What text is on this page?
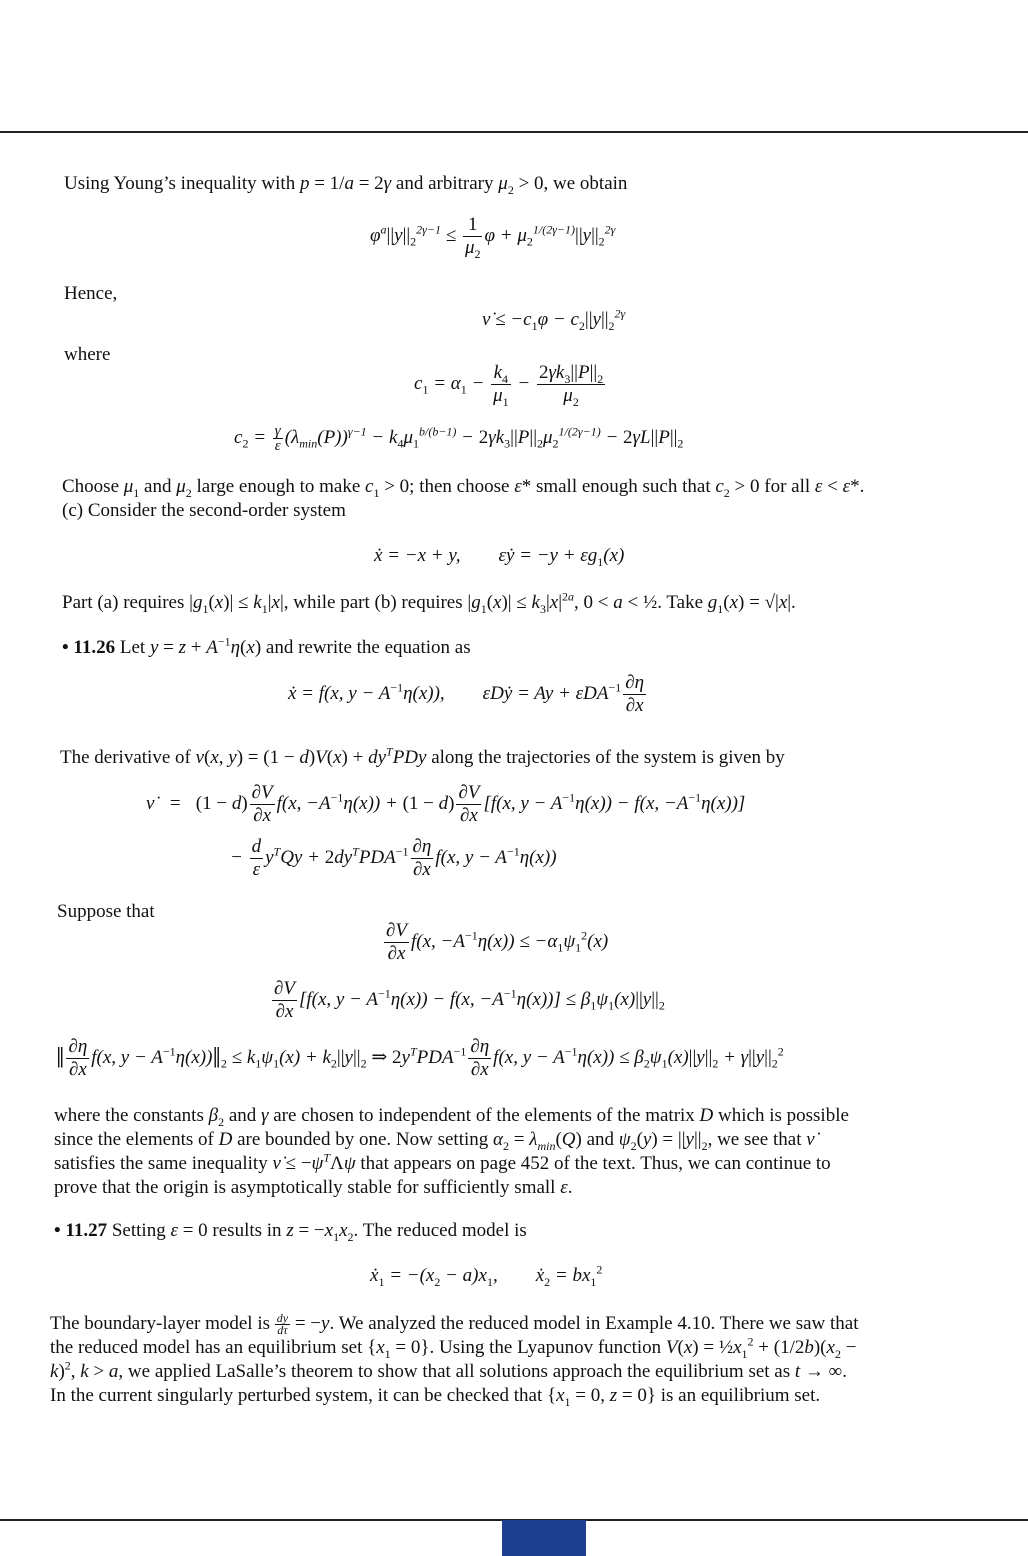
Using Young’s inequality with p = 1/a = 2γ and arbitrary $\mu_2 > 0$, we obtain
$\varphi^a||y||_2^{2\gamma-1} \le \frac{1}{\mu_2}$ $\varphi + \mu_2^{1/(2\gamma-1)}||y||_2^{2\gamma}$
Hence,
ν̇ ≤ $-c_1\varphi - c_2||y||_2^{2\gamma}$
where
$c_1 = \alpha_1 - \frac{k_4}{\mu_1} - \frac{2\gamma k_3||P||_2}{\mu_2}$
$c_2 = \frac{\gamma}{\varepsilon} (\lambda_{min}(P))^{\gamma-1} - k_4\mu_1^{b/(b-1)} - 2\gamma k_3||P||_2\mu_2^{1/(2\gamma-1)} - 2\gamma L||P||_2$
Choose $\mu_1$ and $\mu_2$ large enough to make $c_1 > 0$; then choose ε* small enough such that $c_2 > 0$ for all ε < ε*.
(c) Consider the second-order system
ẋ = −x + y,        εẏ = $-y + \varepsilon g_1(x)$
Part (a) requires $|g_1(x)| \le k_1|x|$, while part (b) requires $|g_1(x)| \le k_3|x|^{2a}$, 0 < a < ½. Take $g_1(x) = √|x|$.
• 11.26 Let $y = z + A^{-1}\eta(x)$ and rewrite the equation as
ẋ = f(x, $y - A^{-1}\eta(x)$),        εDẏ = $Ay + \varepsilon DA^{-1} \frac{\partial\eta}{\partial x}$
The derivative of ν(x, $y) = (1 - d)V(x) + dy^TPDy$ along the trajectories of the system is given by
ν̇   =   $(1 - d) \frac{\partial V}{\partial x} f(x$, $-A^{-1}\eta(x)) + (1 - d) \frac{\partial V}{\partial x} [f(x$, $y - A^{-1}\eta(x)) - f(x$, $-A^{-1}\eta(x)$)]
− $\frac{d}{\varepsilon} y^TQy + 2dy^TPDA^{-1} \frac{\partial\eta}{\partial x} f(x$, $y - A^{-1}\eta(x)$)
Suppose that
$\frac{\partial V}{\partial x} f(x$, $-A^{-1}\eta(x)) \le -\alpha_1\psi_1^2(x)$
$\frac{\partial V}{\partial x} [f(x$, $y - A^{-1}\eta(x)) - f(x$, $-A^{-1}\eta(x))] \le \beta_1\psi_1(x)||y||_2$
‖ $\frac{\partial\eta}{\partial x} f(x$, $y - A^{-1}\eta(x))‖_2 \le k_1\psi_1(x) + k_2||y||_2$ ⇒ $2y^TPDA^{-1} \frac{\partial\eta}{\partial x} f(x$, $y - A^{-1}\eta(x)) \le \beta_2\psi_1(x)||y||_2 + \gamma||y||_2^2$
where the constants $\beta_2$ and γ are chosen to independent of the elements of the matrix D which is possible
since the elements of D are bounded by one. Now setting $\alpha_2 = \lambda_{min}(Q)$ and $\psi_2(y) = ||y||_2$, we see that ν̇
satisfies the same inequality ν̇ ≤ $-\psi^T\Lambda\psi$ that appears on page 452 of the text. Thus, we can continue to
prove that the origin is asymptotically stable for sufficiently small ε.
• 11.27 Setting ε = 0 results in $z = -x_1x_2$. The reduced model is
ẋ$_1$ = $-(x_2 - a)x_1$,        ẋ$_2$ = $bx_1^2$
The boundary-layer model is $\frac{dy}{d\tau} = -y$. We analyzed the reduced model in Example 4.10. There we saw that
the reduced model has an equilibrium set $\{x_1 = 0\}$. Using the Lyapunov function $V(x) = \frac{1}{2}x_1^2 + (1/2b)(x_2$ −
k)$^2$, k > a, we applied LaSalle’s theorem to show that all solutions approach the equilibrium set as t → ∞.
In the current singularly perturbed system, it can be checked that {$x_1 = 0$, z = 0} is an equilibrium set.
